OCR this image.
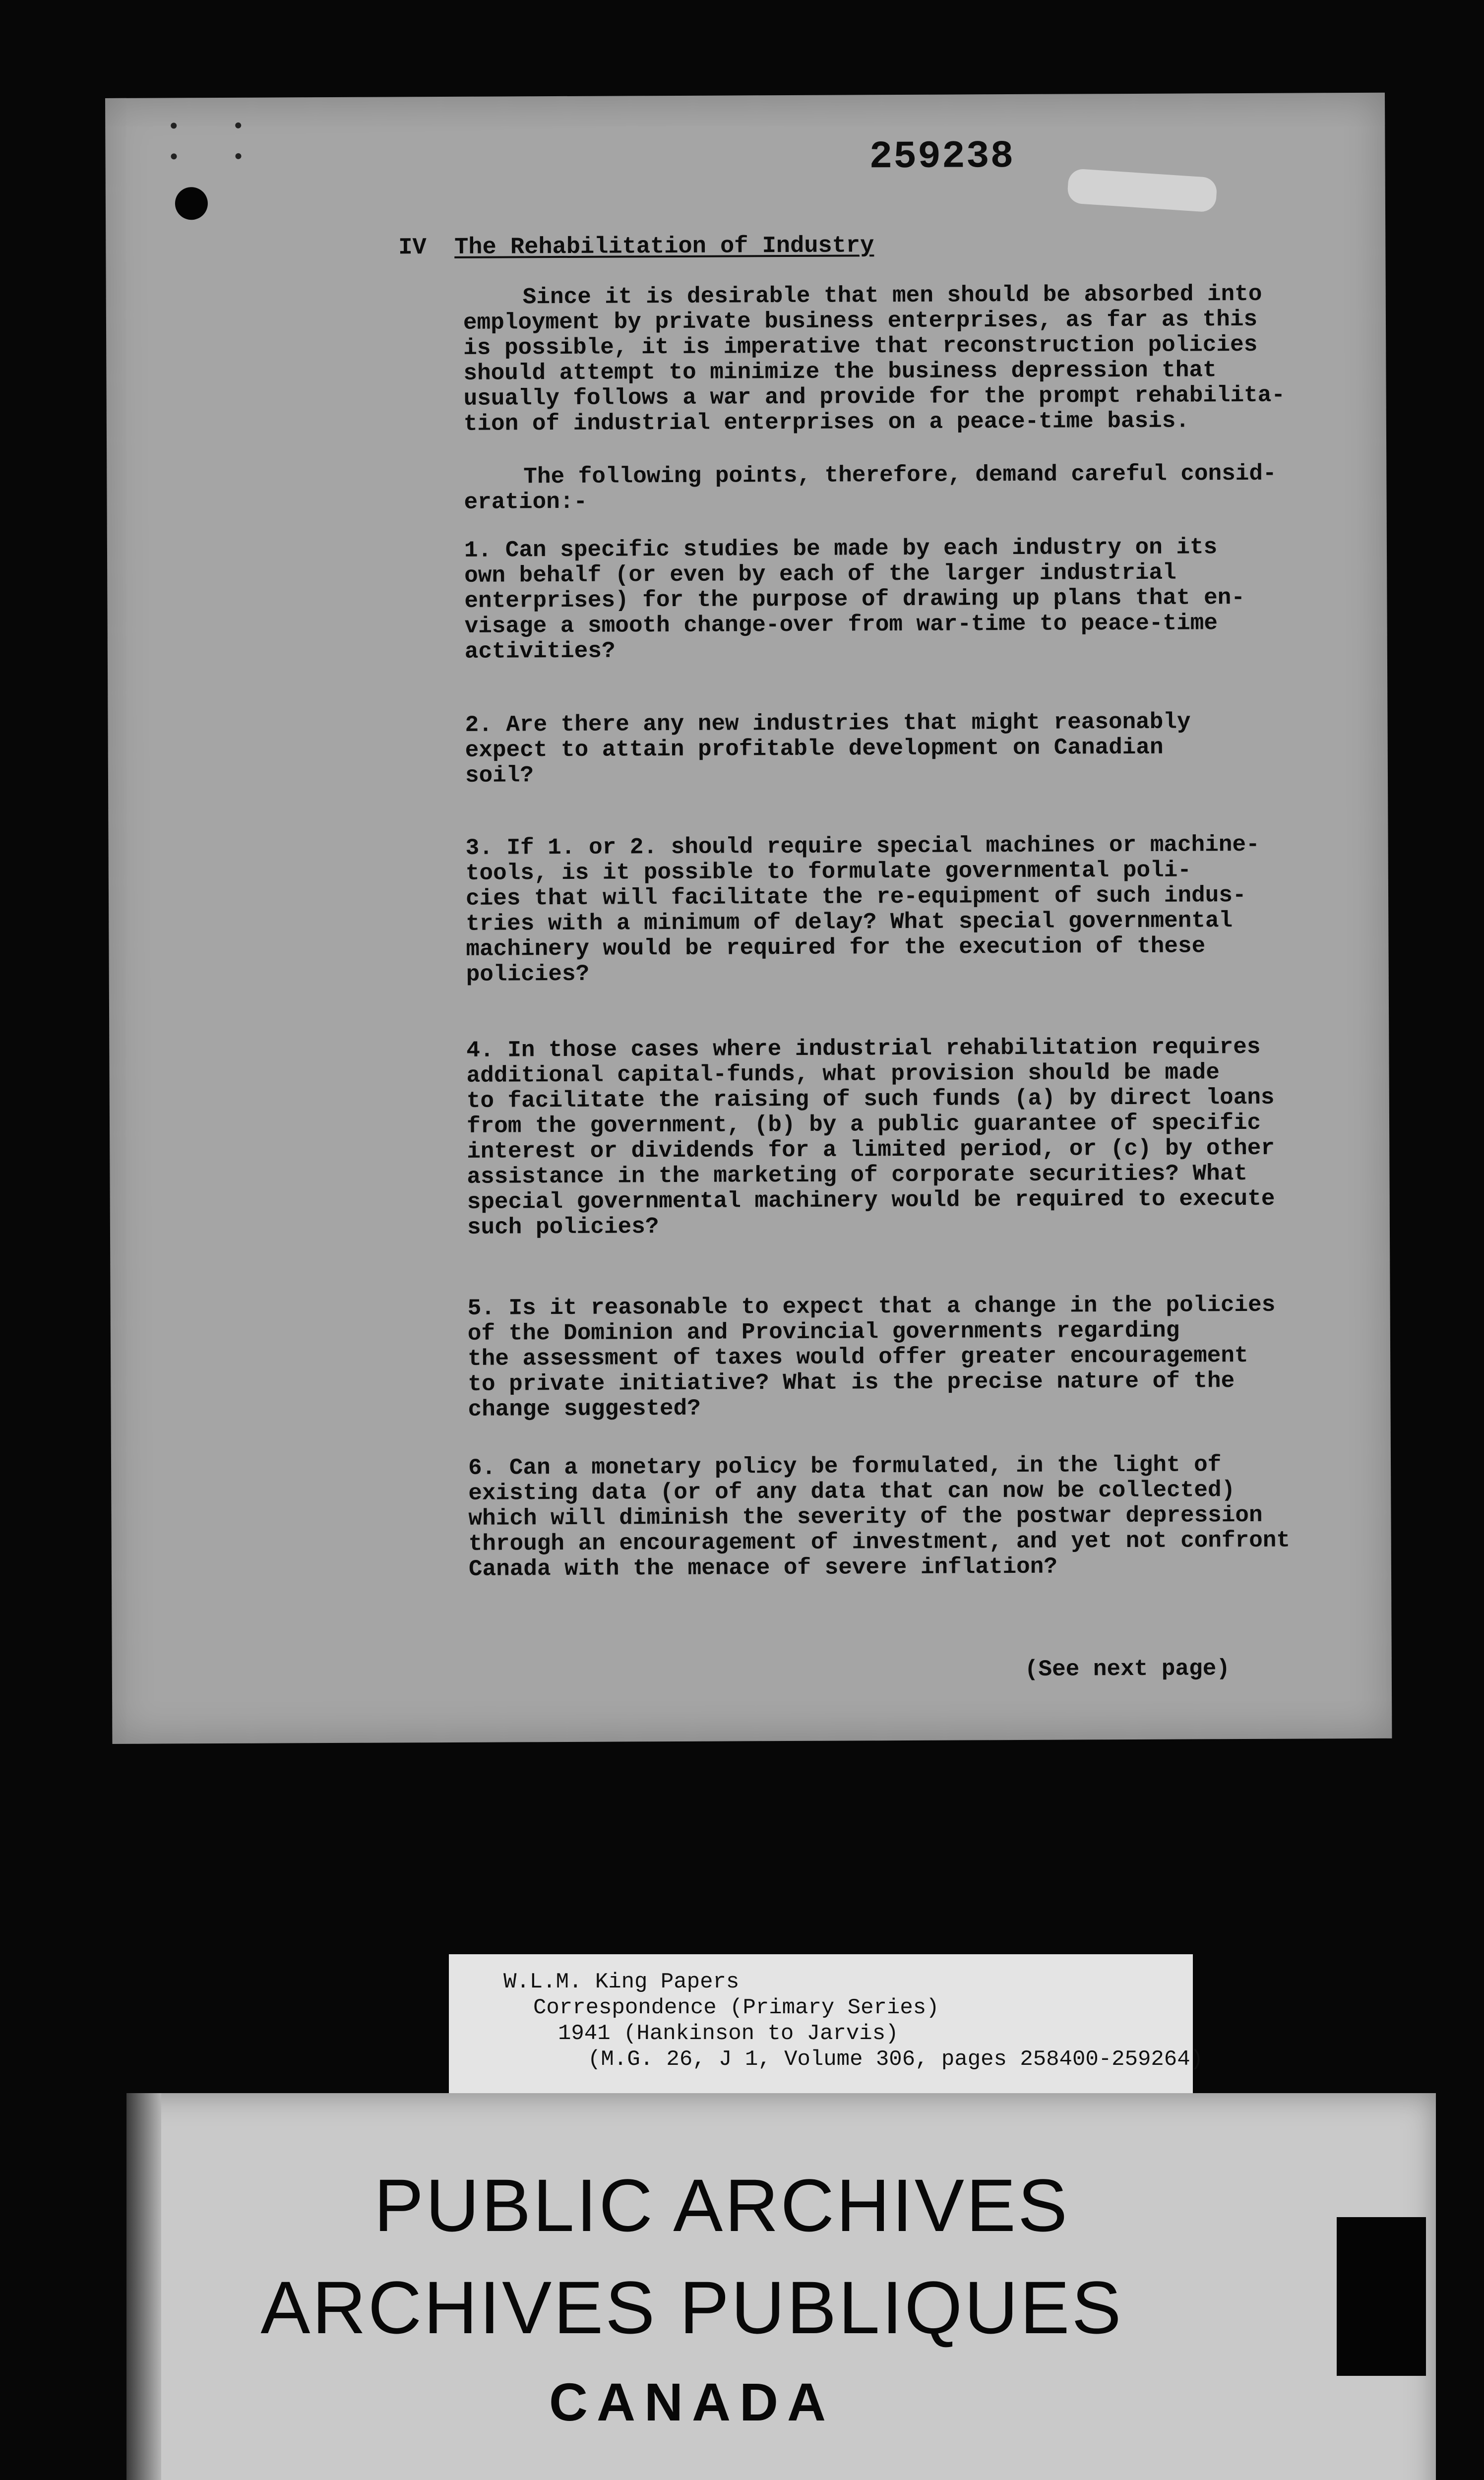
259238
IV The Rehabilitation of Industry
Since it is desirable that men should be absorbed into
employment by private business enterprises, as far as this
is possible, it is imperative that reconstruction policies
should attempt to minimize the business depression that
usually follows a war and provide for the prompt rehabilita-
tion of industrial enterprises on a peace-time basis.
The following points, therefore, demand careful consid-
eration:-
1. Can specific studies be made by each industry on its
own behalf (or even by each of the larger industrial
enterprises) for the purpose of drawing up plans that en-
visage a smooth change-over from war-time to peace-time
activities?
2. Are there any new industries that might reasonably
expect to attain profitable development on Canadian
soil?
3. If 1. or 2. should require special machines or machine-
tools, is it possible to formulate governmental poli-
cies that will facilitate the re-equipment of such indus-
tries with a minimum of delay? What special governmental
machinery would be required for the execution of these
policies?
4. In those cases where industrial rehabilitation requires
additional capital-funds, what provision should be made
to facilitate the raising of such funds (a) by direct loans
from the government, (b) by a public guarantee of specific
interest or dividends for a limited period, or (c) by other
assistance in the marketing of corporate securities? What
special governmental machinery would be required to execute
such policies?
5. Is it reasonable to expect that a change in the policies
of the Dominion and Provincial governments regarding
the assessment of taxes would offer greater encouragement
to private initiative? What is the precise nature of the
change suggested?
6. Can a monetary policy be formulated, in the light of
existing data (or of any data that can now be collected)
which will diminish the severity of the postwar depression
through an encouragement of investment, and yet not confront
Canada with the menace of severe inflation?
(See next page)
W.L.M. King Papers
Correspondence (Primary Series)
1941 (Hankinson to Jarvis)
(M.G. 26, J 1, Volume 306, pages 258400-259264)
PUBLIC ARCHIVES
ARCHIVES PUBLIQUES
CANADA
